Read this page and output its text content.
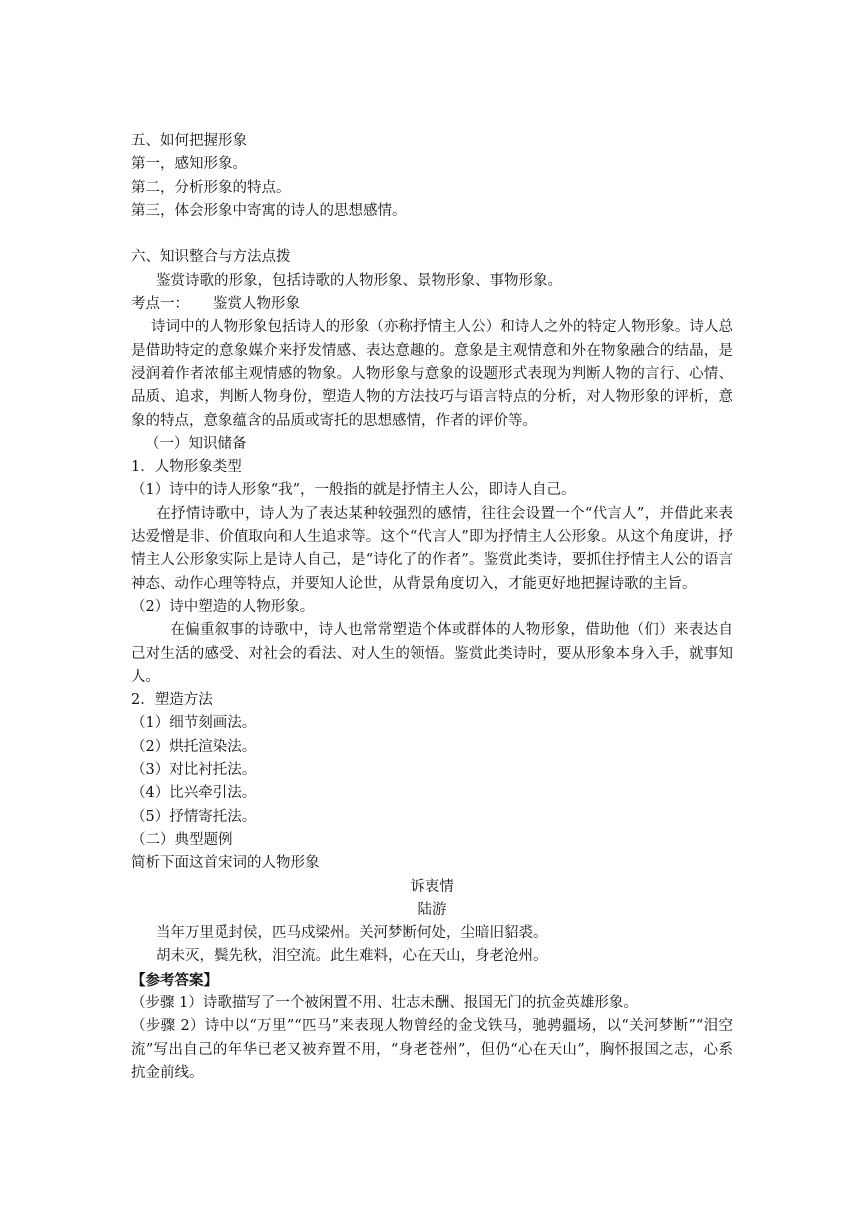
五、如何把握形象
第一，感知形象。
第二，分析形象的特点。
第三，体会形象中寄寓的诗人的思想感情。
六、知识整合与方法点拨
鉴赏诗歌的形象，包括诗歌的人物形象、景物形象、事物形象。
考点一： 鉴赏人物形象
诗词中的人物形象包括诗人的形象（亦称抒情主人公）和诗人之外的特定人物形象。诗人总是借助特定的意象媒介来抒发情感、表达意趣的。意象是主观情意和外在物象融合的结晶，是浸润着作者浓郁主观情感的物象。人物形象与意象的设题形式表现为判断人物的言行、心情、品质、追求，判断人物身份，塑造人物的方法技巧与语言特点的分析，对人物形象的评析，意象的特点，意象蕴含的品质或寄托的思想感情，作者的评价等。
（一）知识储备
1．人物形象类型
（1）诗中的诗人形象“我”，一般指的就是抒情主人公，即诗人自己。
在抒情诗歌中，诗人为了表达某种较强烈的感情，往往会设置一个“代言人”，并借此来表达爱憎是非、价值取向和人生追求等。这个“代言人”即为抒情主人公形象。从这个角度讲，抒情主人公形象实际上是诗人自己，是“诗化了的作者”。鉴赏此类诗，要抓住抒情主人公的语言神态、动作心理等特点，并要知人论世，从背景角度切入，才能更好地把握诗歌的主旨。
（2）诗中塑造的人物形象。
在偏重叙事的诗歌中，诗人也常常塑造个体或群体的人物形象，借助他（们）来表达自己对生活的感受、对社会的看法、对人生的领悟。鉴赏此类诗时，要从形象本身入手，就事知人。
2．塑造方法
（1）细节刻画法。
（2）烘托渲染法。
（3）对比衬托法。
（4）比兴牵引法。
（5）抒情寄托法。
（二）典型题例
简析下面这首宋词的人物形象
诉衷情
陆游
当年万里觅封侯，匹马戍梁州。关河梦断何处，尘暗旧貂裘。
胡未灭，鬓先秋，泪空流。此生难料，心在天山，身老沧州。
【参考答案】
（步骤 1）诗歌描写了一个被闲置不用、壮志未酬、报国无门的抗金英雄形象。
（步骤 2）诗中以“万里”“匹马”来表现人物曾经的金戈铁马，驰骋疆场，以“关河梦断”“泪空流”写出自己的年华已老又被弃置不用，“身老苍州”，但仍“心在天山”，胸怀报国之志，心系抗金前线。
